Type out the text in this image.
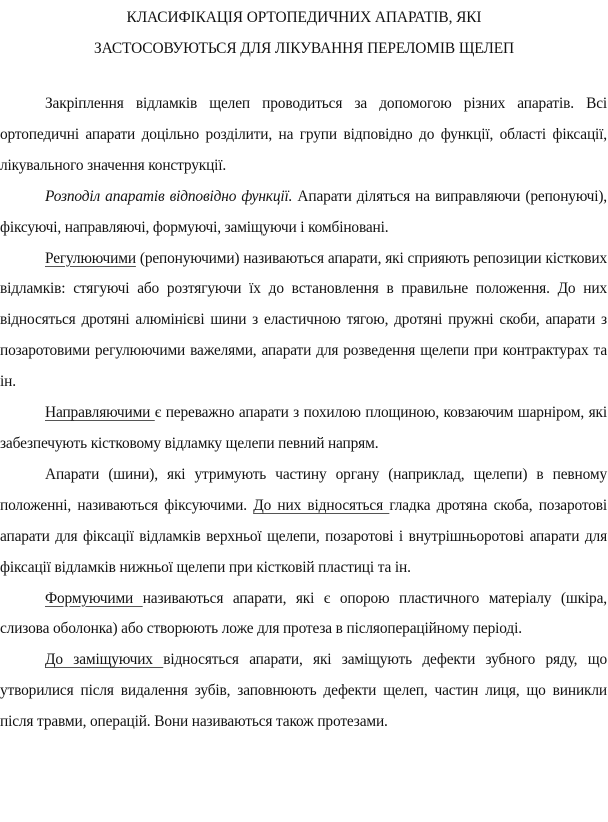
КЛАСИФІКАЦІЯ ОРТОПЕДИЧНИХ АПАРАТІВ, ЯКІ
ЗАСТОСОВУЮТЬСЯ ДЛЯ ЛІКУВАННЯ ПЕРЕЛОМІВ ЩЕЛЕП

Закріплення відламків щелеп проводиться за допомогою різних апаратів. Всі ортопедичні апарати доцільно розділити, на групи відповідно до функції, області фіксації, лікувального значення конструкції.

Розподіл апаратів відповідно функції. Апарати діляться на виправляючи (репонуючі), фіксуючі, направляючі, формуючі, заміщуючи і комбіновані.

Регулюючими (репонуючими) називаються апарати, які сприяють репозиции кісткових відламків: стягуючі або розтягуючи їх до встановлення в правильне положення. До них відносяться дротяні алюмінієві шини з еластичною тягою, дротяні пружні скоби, апарати з позаротовими регулюючими важелями, апарати для розведення щелепи при контрактурах та ін.

Направляючими є переважно апарати з похилою площиною, ковзаючим шарніром, які забезпечують кістковому відламку щелепи певний напрям.

Апарати (шини), які утримують частину органу (наприклад, щелепи) в певному положенні, називаються фіксуючими. До них відносяться гладка дротяна скоба, позаротові апарати для фіксації відламків верхньої щелепи, позаротові і внутрішньоротові апарати для фіксації відламків нижньої щелепи при кістковій пластиці та ін.

Формуючими називаються апарати, які є опорою пластичного матеріалу (шкіра, слизова оболонка) або створюють ложе для протеза в післяопераційному періоді.

До заміщуючих відносяться апарати, які заміщують дефекти зубного ряду, що утворилися після видалення зубів, заповнюють дефекти щелеп, частин лиця, що виникли після травми, операцій. Вони називаються також протезами.
